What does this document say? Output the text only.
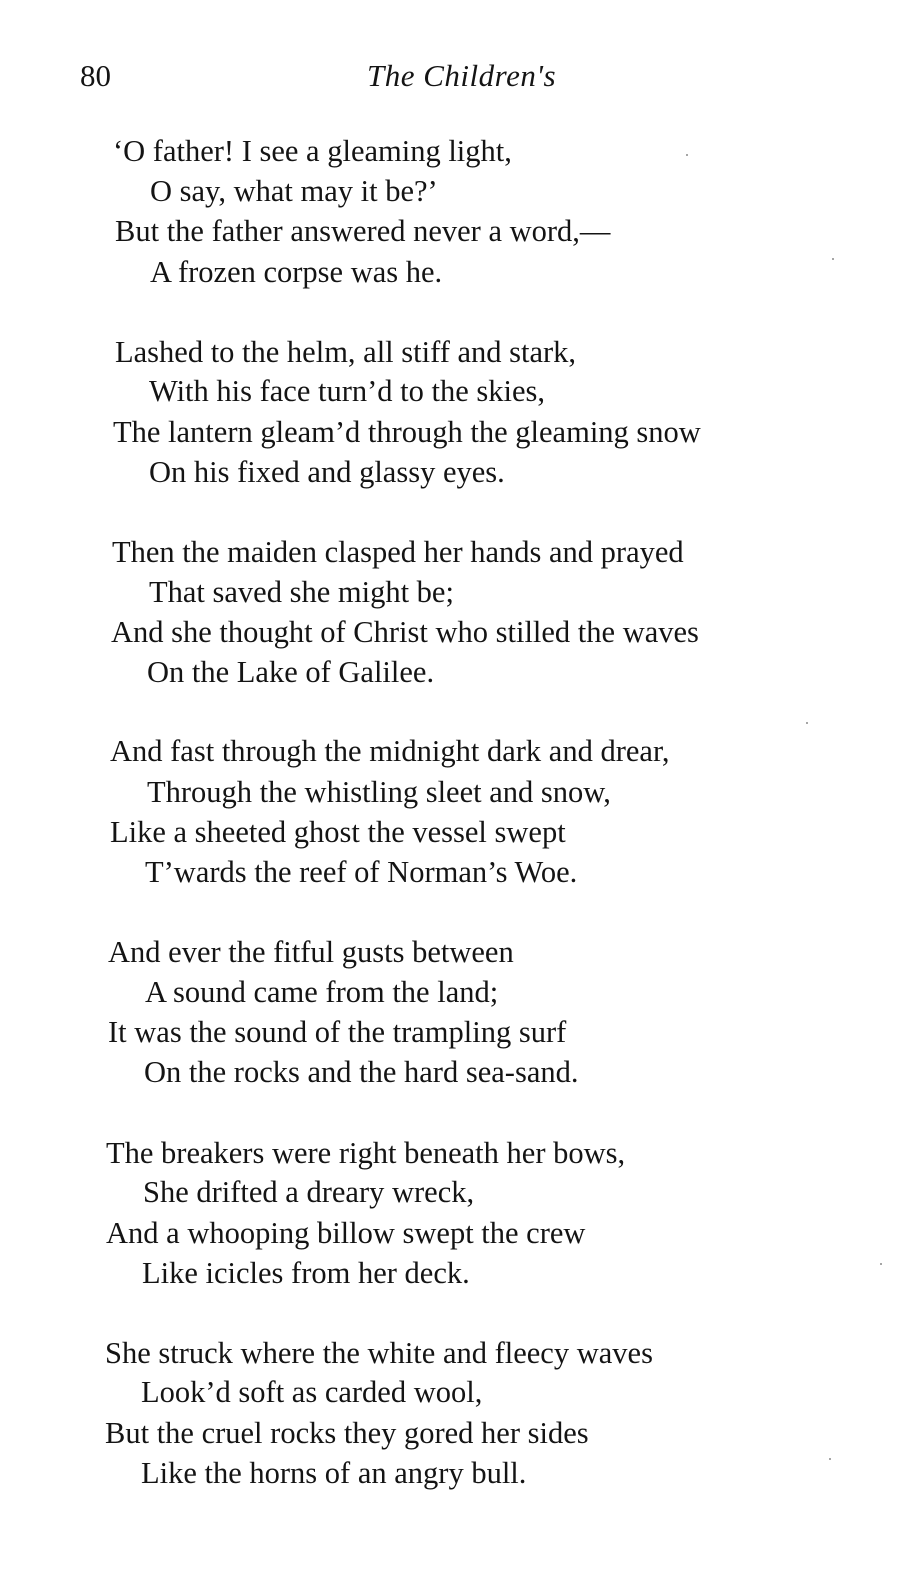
80	The Children's
‘O father! I see a gleaming light,
O say, what may it be?’
But the father answered never a word,—
A frozen corpse was he.
Lashed to the helm, all stiff and stark,
With his face turn’d to the skies,
The lantern gleam’d through the gleaming snow
On his fixed and glassy eyes.
Then the maiden clasped her hands and prayed
That saved she might be;
And she thought of Christ who stilled the waves
On the Lake of Galilee.
And fast through the midnight dark and drear,
Through the whistling sleet and snow,
Like a sheeted ghost the vessel swept
T’wards the reef of Norman’s Woe.
And ever the fitful gusts between
A sound came from the land;
It was the sound of the trampling surf
On the rocks and the hard sea-sand.
The breakers were right beneath her bows,
She drifted a dreary wreck,
And a whooping billow swept the crew
Like icicles from her deck.
She struck where the white and fleecy waves
Look’d soft as carded wool,
But the cruel rocks they gored her sides
Like the horns of an angry bull.
